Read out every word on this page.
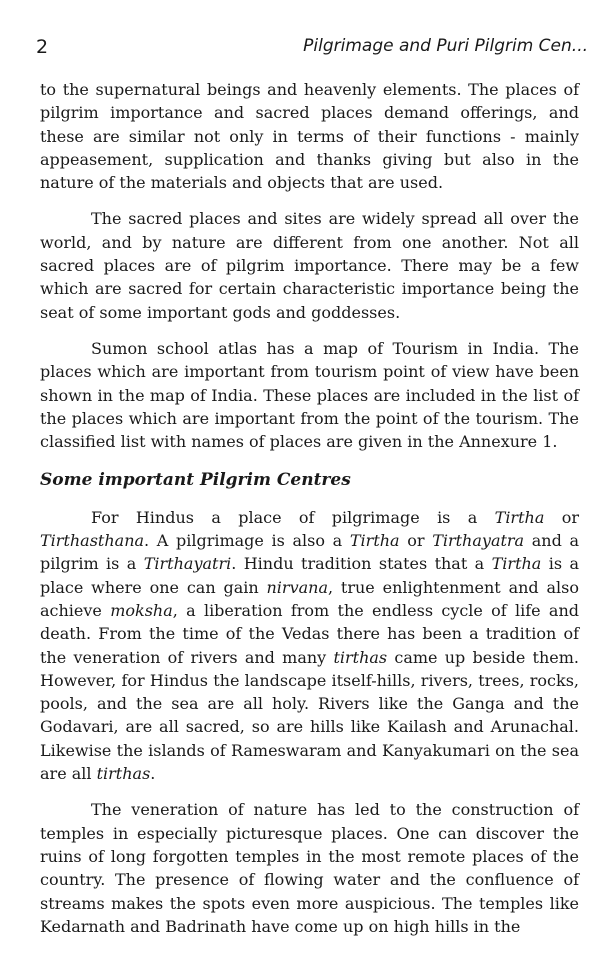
2	Pilgrimage and Puri Pilgrim Cen...

to the supernatural beings and heavenly elements. The places of pilgrim importance and sacred places demand offerings, and these are similar not only in terms of their functions - mainly appeasement, supplication and thanks giving but also in the nature of the materials and objects that are used.

The sacred places and sites are widely spread all over the world, and by nature are different from one another. Not all sacred places are of pilgrim importance. There may be a few which are sacred for certain characteristic importance being the seat of some important gods and goddesses.

Sumon school atlas has a map of Tourism in India. The places which are important from tourism point of view have been shown in the map of India. These places are included in the list of the places which are important from the point of the tourism. The classified list with names of places are given in the Annexure 1.

Some important Pilgrim Centres

For Hindus a place of pilgrimage is a Tirtha or Tirthasthana. A pilgrimage is also a Tirtha or Tirthayatra and a pilgrim is a Tirthayatri. Hindu tradition states that a Tirtha is a place where one can gain nirvana, true enlightenment and also achieve moksha, a liberation from the endless cycle of life and death. From the time of the Vedas there has been a tradition of the veneration of rivers and many tirthas came up beside them. However, for Hindus the landscape itself-hills, rivers, trees, rocks, pools, and the sea are all holy. Rivers like the Ganga and the Godavari, are all sacred, so are hills like Kailash and Arunachal. Likewise the islands of Rameswaram and Kanyakumari on the sea are all tirthas.

The veneration of nature has led to the construction of temples in especially picturesque places. One can discover the ruins of long forgotten temples in the most remote places of the country. The presence of flowing water and the confluence of streams makes the spots even more auspicious. The temples like Kedarnath and Badrinath have come up on high hills in the
